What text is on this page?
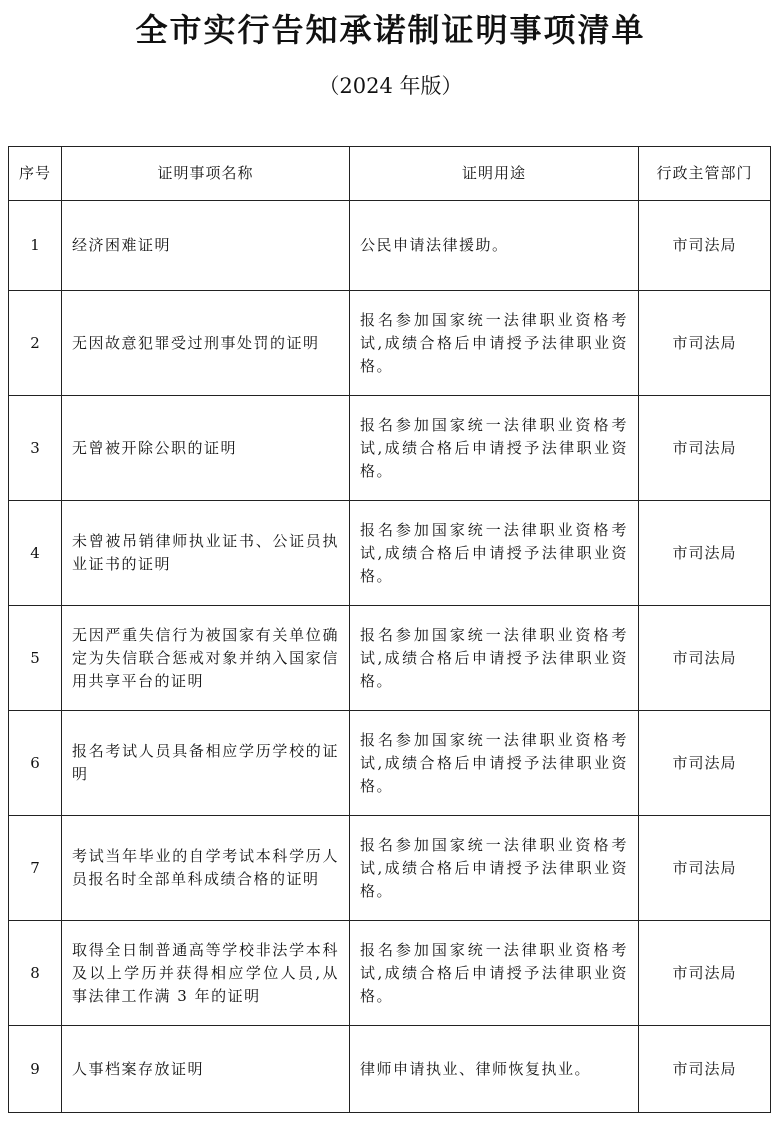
全市实行告知承诺制证明事项清单
（2024 年版）
序号	证明事项名称	证明用途	行政主管部门
1	经济困难证明	公民申请法律援助。	市司法局
2	无因故意犯罪受过刑事处罚的证明	报名参加国家统一法律职业资格考试,成绩合格后申请授予法律职业资格。	市司法局
3	无曾被开除公职的证明	报名参加国家统一法律职业资格考试,成绩合格后申请授予法律职业资格。	市司法局
4	未曾被吊销律师执业证书、公证员执业证书的证明	报名参加国家统一法律职业资格考试,成绩合格后申请授予法律职业资格。	市司法局
5	无因严重失信行为被国家有关单位确定为失信联合惩戒对象并纳入国家信用共享平台的证明	报名参加国家统一法律职业资格考试,成绩合格后申请授予法律职业资格。	市司法局
6	报名考试人员具备相应学历学校的证明	报名参加国家统一法律职业资格考试,成绩合格后申请授予法律职业资格。	市司法局
7	考试当年毕业的自学考试本科学历人员报名时全部单科成绩合格的证明	报名参加国家统一法律职业资格考试,成绩合格后申请授予法律职业资格。	市司法局
8	取得全日制普通高等学校非法学本科及以上学历并获得相应学位人员,从事法律工作满 3 年的证明	报名参加国家统一法律职业资格考试,成绩合格后申请授予法律职业资格。	市司法局
9	人事档案存放证明	律师申请执业、律师恢复执业。	市司法局
